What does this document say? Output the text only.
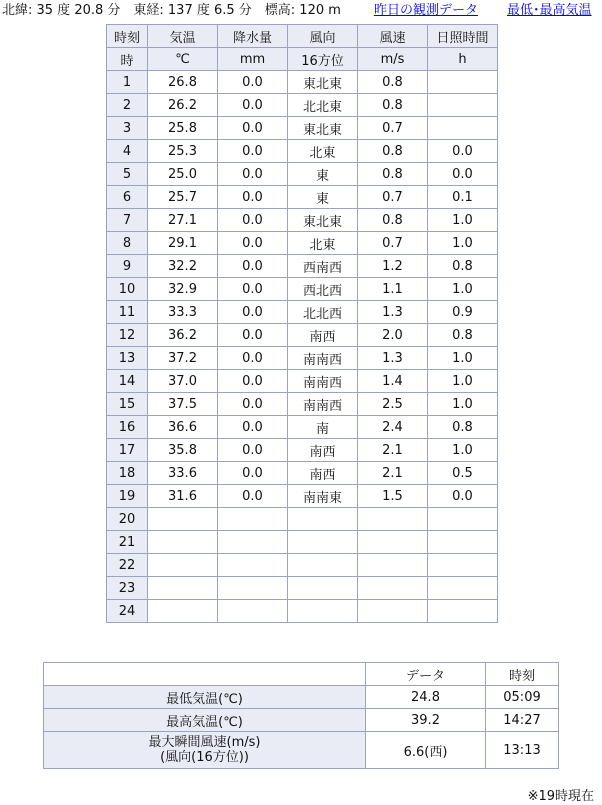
北緯: 35 度 20.8 分　東経: 137 度 6.5 分　標高: 120 m	昨日の観測データ 最低･最高気温
時刻	気温	降水量	風向	風速	日照時間
時	℃	mm	16方位	m/s	h
1	26.8	0.0	東北東	0.8	
2	26.2	0.0	北北東	0.8	
3	25.8	0.0	東北東	0.7	
4	25.3	0.0	北東	0.8	0.0
5	25.0	0.0	東	0.8	0.0
6	25.7	0.0	東	0.7	0.1
7	27.1	0.0	東北東	0.8	1.0
8	29.1	0.0	北東	0.7	1.0
9	32.2	0.0	西南西	1.2	0.8
10	32.9	0.0	西北西	1.1	1.0
11	33.3	0.0	北北西	1.3	0.9
12	36.2	0.0	南西	2.0	0.8
13	37.2	0.0	南南西	1.3	1.0
14	37.0	0.0	南南西	1.4	1.0
15	37.5	0.0	南南西	2.5	1.0
16	36.6	0.0	南	2.4	0.8
17	35.8	0.0	南西	2.1	1.0
18	33.6	0.0	南西	2.1	0.5
19	31.6	0.0	南南東	1.5	0.0
20					
21					
22					
23					
24					
	データ	時刻
最低気温(℃)	24.8	05:09
最高気温(℃)	39.2	14:27

最大瞬間風速(m/s)
(風向(16方位))	6.6(西)	13:13
※19時現在
